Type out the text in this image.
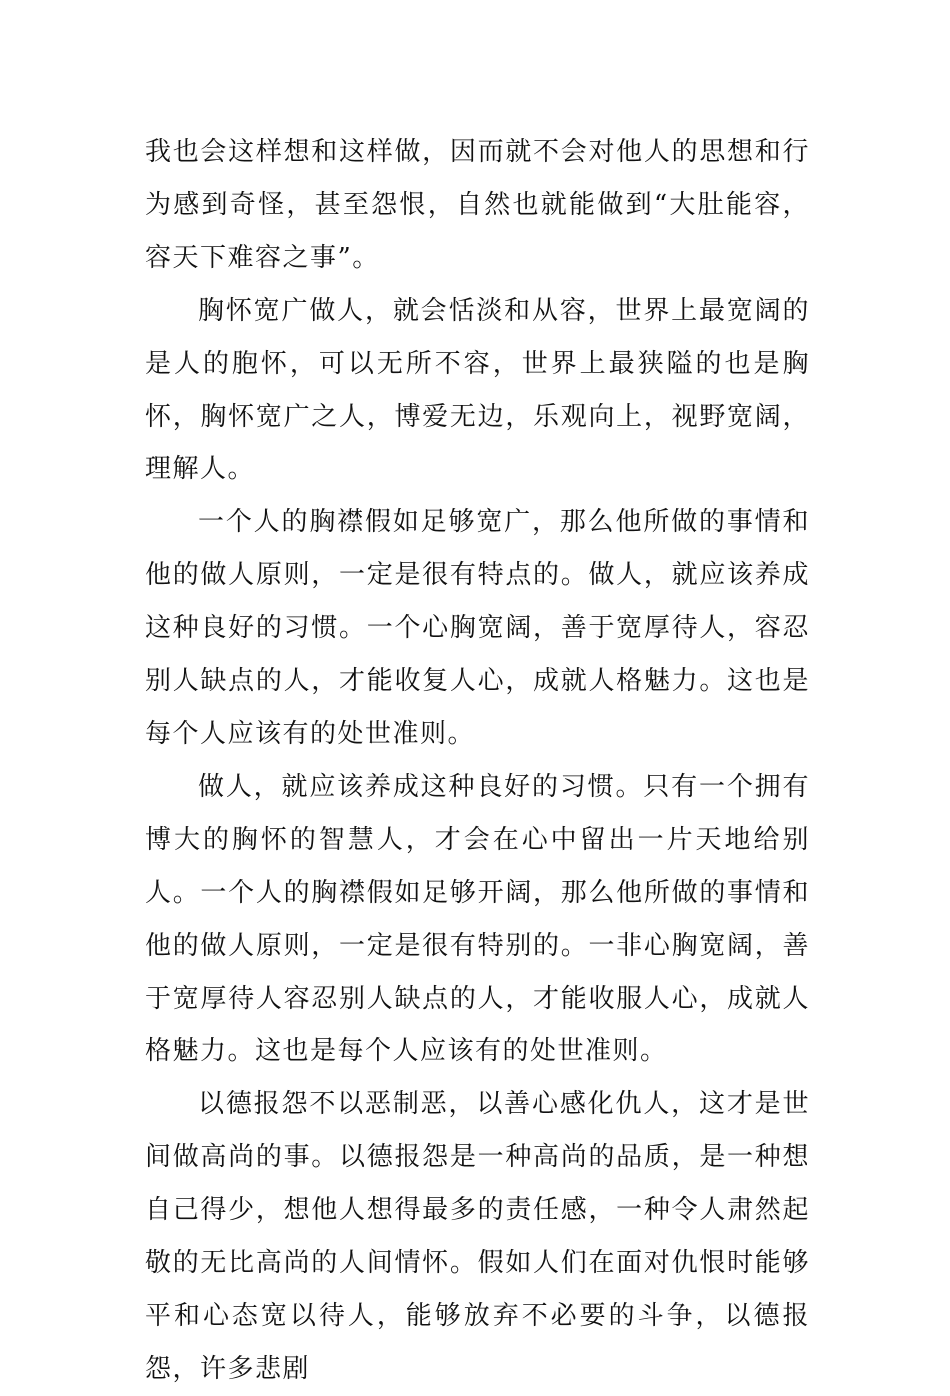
我也会这样想和这样做，因而就不会对他人的思想和行为感到奇怪，甚至怨恨，自然也就能做到“大肚能容，容天下难容之事”。

胸怀宽广做人，就会恬淡和从容，世界上最宽阔的是人的胞怀，可以无所不容，世界上最狭隘的也是胸怀，胸怀宽广之人，博爱无边，乐观向上，视野宽阔，理解人。

一个人的胸襟假如足够宽广，那么他所做的事情和他的做人原则，一定是很有特点的。做人，就应该养成这种良好的习惯。一个心胸宽阔，善于宽厚待人，容忍别人缺点的人，才能收复人心，成就人格魅力。这也是每个人应该有的处世准则。

做人，就应该养成这种良好的习惯。只有一个拥有博大的胸怀的智慧人，才会在心中留出一片天地给别人。一个人的胸襟假如足够开阔，那么他所做的事情和他的做人原则，一定是很有特别的。一非心胸宽阔，善于宽厚待人容忍别人缺点的人，才能收服人心，成就人格魅力。这也是每个人应该有的处世准则。

以德报怨不以恶制恶，以善心感化仇人，这才是世间做高尚的事。以德报怨是一种高尚的品质，是一种想自己得少，想他人想得最多的责任感，一种令人肃然起敬的无比高尚的人间情怀。假如人们在面对仇恨时能够平和心态宽以待人，能够放弃不必要的斗争，以德报怨，许多悲剧
